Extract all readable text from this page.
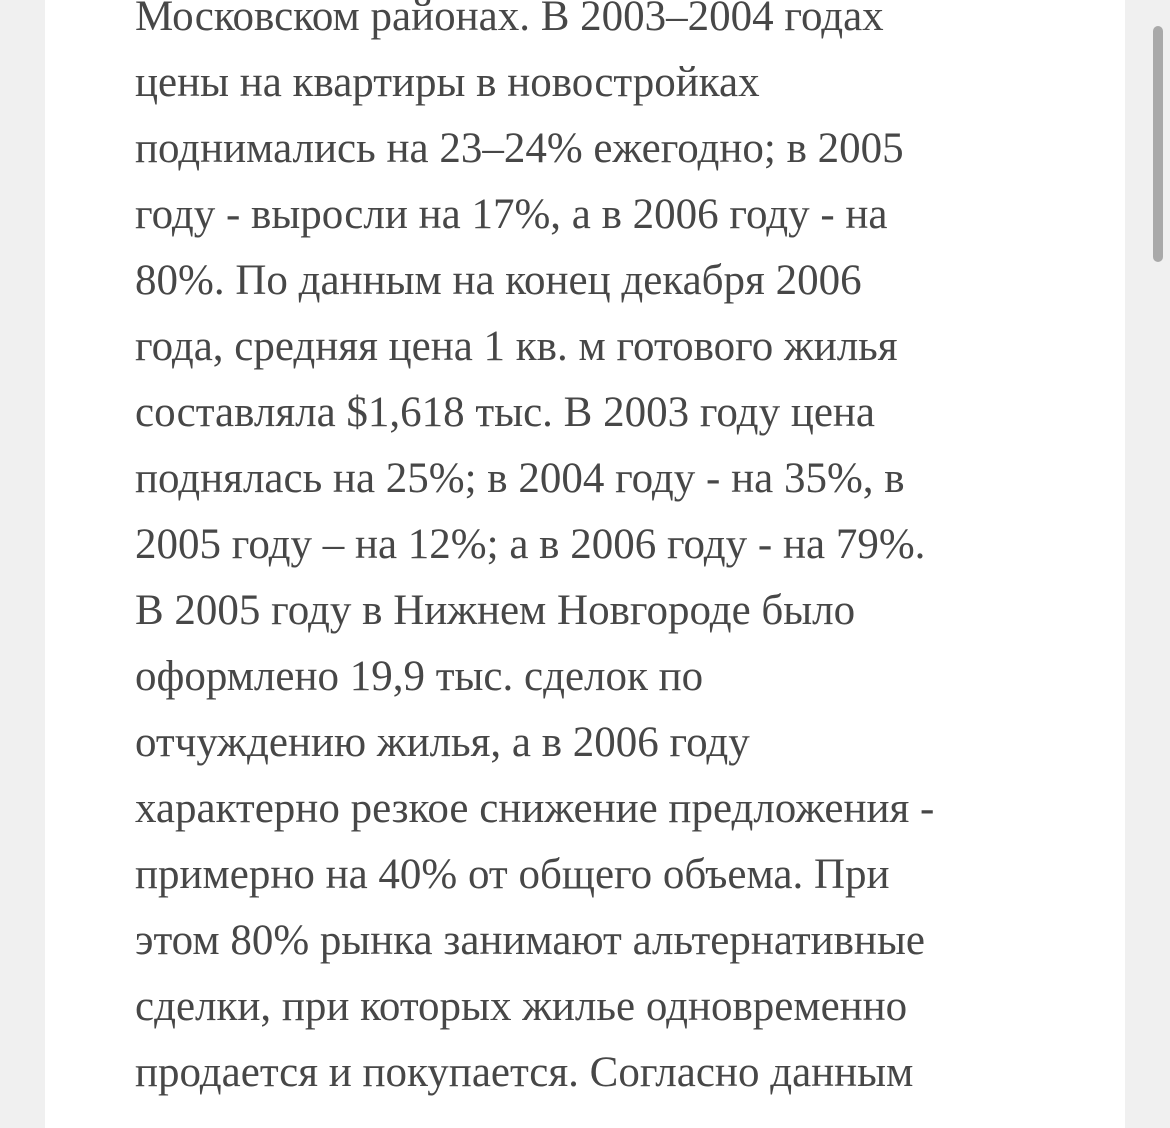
Московском районах. В 2003–2004 годах
цены на квартиры в новостройках
поднимались на 23–24% ежегодно; в 2005
году - выросли на 17%, а в 2006 году - на
80%. По данным на конец декабря 2006
года, средняя цена 1 кв. м готового жилья
составляла $1,618 тыс. В 2003 году цена
поднялась на 25%; в 2004 году - на 35%, в
2005 году – на 12%; а в 2006 году - на 79%.
В 2005 году в Нижнем Новгороде было
оформлено 19,9 тыс. сделок по
отчуждению жилья, а в 2006 году
характерно резкое снижение предложения -
примерно на 40% от общего объема. При
этом 80% рынка занимают альтернативные
сделки, при которых жилье одновременно
продается и покупается. Согласно данным
